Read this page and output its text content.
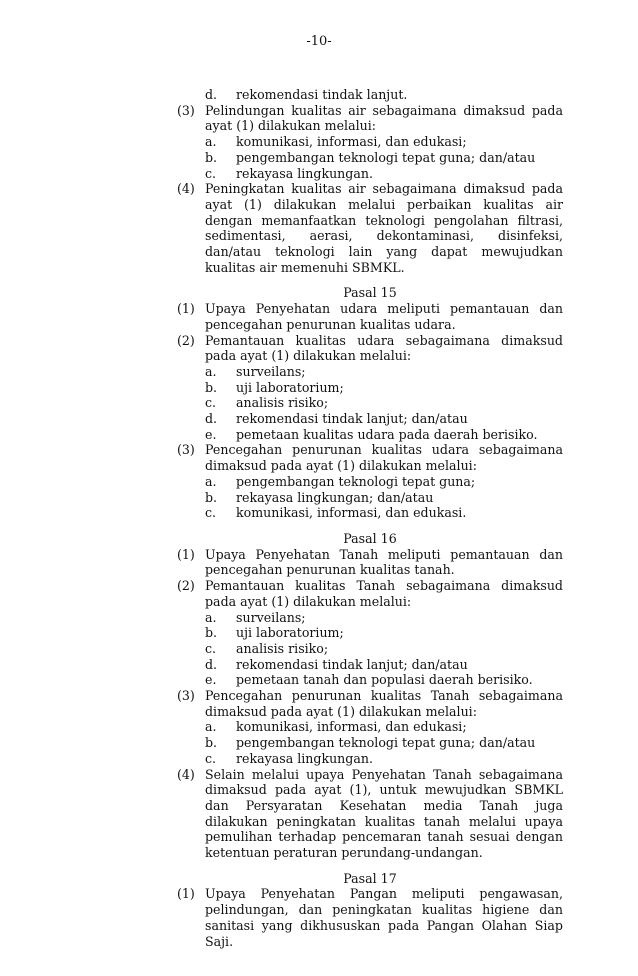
-10-
d.	rekomendasi tindak lanjut.
(3) Pelindungan kualitas air sebagaimana dimaksud pada ayat (1) dilakukan melalui:
a.	komunikasi, informasi, dan edukasi;
b.	pengembangan teknologi tepat guna; dan/atau
c.	rekayasa lingkungan.
(4) Peningkatan kualitas air sebagaimana dimaksud pada ayat (1) dilakukan melalui perbaikan kualitas air dengan memanfaatkan teknologi pengolahan filtrasi, sedimentasi, aerasi, dekontaminasi, disinfeksi, dan/atau teknologi lain yang dapat mewujudkan kualitas air memenuhi SBMKL.
Pasal 15
(1) Upaya Penyehatan udara meliputi pemantauan dan pencegahan penurunan kualitas udara.
(2) Pemantauan kualitas udara sebagaimana dimaksud pada ayat (1) dilakukan melalui:
a.	surveilans;
b.	uji laboratorium;
c.	analisis risiko;
d.	rekomendasi tindak lanjut; dan/atau
e.	pemetaan kualitas udara pada daerah berisiko.
(3) Pencegahan penurunan kualitas udara sebagaimana dimaksud pada ayat (1) dilakukan melalui:
a.	pengembangan teknologi tepat guna;
b.	rekayasa lingkungan; dan/atau
c.	komunikasi, informasi, dan edukasi.
Pasal 16
(1) Upaya Penyehatan Tanah meliputi pemantauan dan pencegahan penurunan kualitas tanah.
(2) Pemantauan kualitas Tanah sebagaimana dimaksud pada ayat (1) dilakukan melalui:
a.	surveilans;
b.	uji laboratorium;
c.	analisis risiko;
d.	rekomendasi tindak lanjut; dan/atau
e.	pemetaan tanah dan populasi daerah berisiko.
(3) Pencegahan penurunan kualitas Tanah sebagaimana dimaksud pada ayat (1) dilakukan melalui:
a.	komunikasi, informasi, dan edukasi;
b.	pengembangan teknologi tepat guna; dan/atau
c.	rekayasa lingkungan.
(4) Selain melalui upaya Penyehatan Tanah sebagaimana dimaksud pada ayat (1), untuk mewujudkan SBMKL dan Persyaratan Kesehatan media Tanah juga dilakukan peningkatan kualitas tanah melalui upaya pemulihan terhadap pencemaran tanah sesuai dengan ketentuan peraturan perundang-undangan.
Pasal 17
(1) Upaya Penyehatan Pangan meliputi pengawasan, pelindungan, dan peningkatan kualitas higiene dan sanitasi yang dikhususkan pada Pangan Olahan Siap Saji.
